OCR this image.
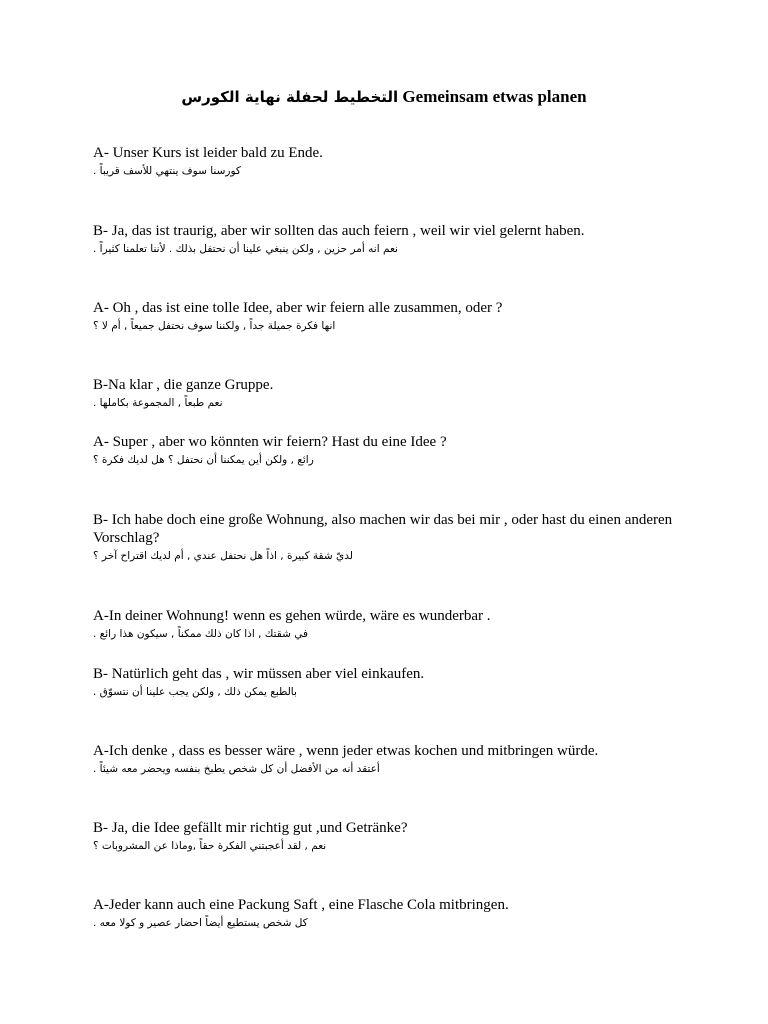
التخطيط لحفلة نهاية الكورس Gemeinsam etwas planen

A- Unser Kurs ist leider bald zu Ende.

كورسنا سوف ينتهي للأسف قريباً .

B- Ja, das ist traurig, aber wir sollten das auch feiern , weil wir viel gelernt haben.

نعم انه أمر حزين , ولكن ينبغي علينا أن نحتفل بذلك . لأننا تعلمنا كثيراً .

A- Oh , das ist eine tolle Idee, aber wir feiern alle zusammen, oder ?

انها فكرة جميلة جداً , ولكننا سوف نحتفل جميعاً , أم لا ؟

B-Na klar , die ganze Gruppe.

نعم طبعاً , المجموعة بكاملها .

A- Super , aber wo könnten wir feiern? Hast du eine Idee ?

رائع , ولكن أين يمكننا أن نحتفل ؟ هل لديك فكرة ؟

B- Ich habe doch eine große Wohnung, also machen wir das bei mir , oder hast du einen anderen Vorschlag?

لديّ شقة كبيرة , اذاً هل نحتفل عندي , أم لديك اقتراح آخر ؟

A-In deiner Wohnung! wenn es gehen würde, wäre es wunderbar .

في شقتك , اذا كان ذلك ممكناً , سيكون هذا رائع .

B- Natürlich geht das , wir müssen aber viel einkaufen.

بالطبع يمكن ذلك , ولكن يجب علينا أن نتسوّق .

A-Ich denke , dass es besser wäre , wenn jeder etwas kochen und mitbringen würde.

أعتقد أنه من الأفضل أن كل شخص يطبخ بنفسه ويحضر معه شيئاً .

B- Ja, die Idee gefällt mir richtig gut ,und Getränke?

نعم , لقد أعجبتني الفكرة حقاً ,وماذا عن المشروبات ؟

A-Jeder kann auch eine Packung Saft , eine Flasche Cola mitbringen.

كل شخص يستطيع أيضاً احضار عصير و كولا معه .
